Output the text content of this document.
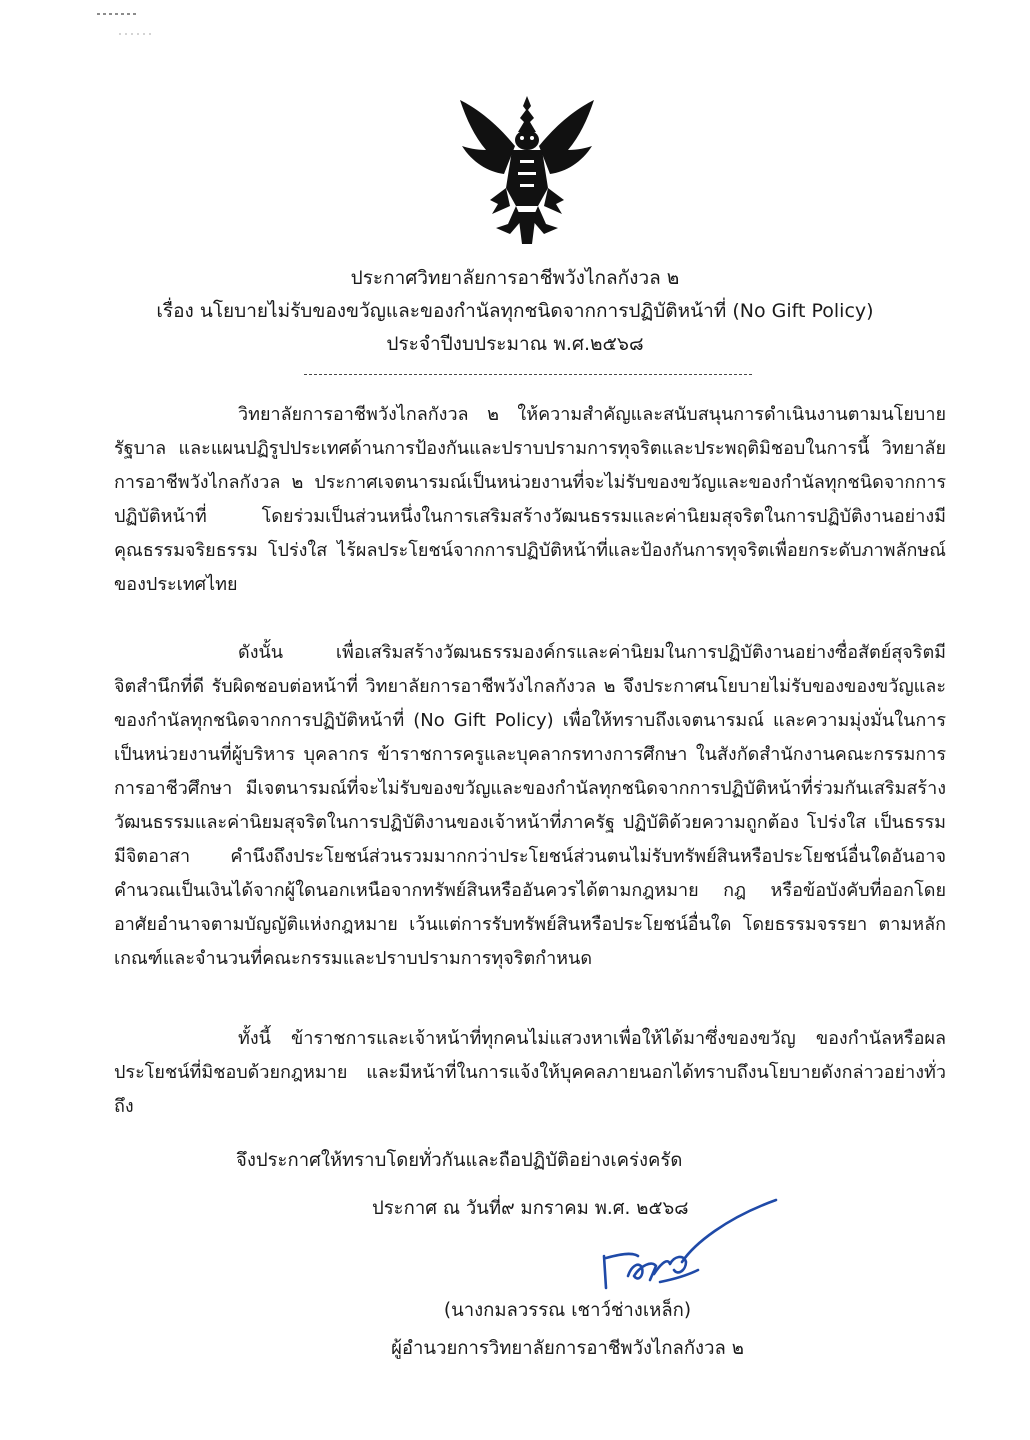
ประกาศวิทยาลัยการอาชีพวังไกลกังวล ๒
เรื่อง นโยบายไม่รับของขวัญและของกำนัลทุกชนิดจากการปฏิบัติหน้าที่ (No Gift Policy)
ประจำปีงบประมาณ พ.ศ.๒๕๖๘

วิทยาลัยการอาชีพวังไกลกังวล ๒ ให้ความสำคัญและสนับสนุนการดำเนินงานตามนโยบายรัฐบาล และแผนปฏิรูปประเทศด้านการป้องกันและปราบปรามการทุจริตและประพฤติมิชอบในการนี้ วิทยาลัยการอาชีพวังไกลกังวล ๒ ประกาศเจตนารมณ์เป็นหน่วยงานที่จะไม่รับของขวัญและของกำนัลทุกชนิดจากการปฏิบัติหน้าที่ โดยร่วมเป็นส่วนหนึ่งในการเสริมสร้างวัฒนธรรมและค่านิยมสุจริตในการปฏิบัติงานอย่างมีคุณธรรมจริยธรรม โปร่งใส ไร้ผลประโยชน์จากการปฏิบัติหน้าที่และป้องกันการทุจริตเพื่อยกระดับภาพลักษณ์ของประเทศไทย

ดังนั้น เพื่อเสริมสร้างวัฒนธรรมองค์กรและค่านิยมในการปฏิบัติงานอย่างซื่อสัตย์สุจริตมีจิตสำนึกที่ดี รับผิดชอบต่อหน้าที่ วิทยาลัยการอาชีพวังไกลกังวล ๒ จึงประกาศนโยบายไม่รับของของขวัญและของกำนัลทุกชนิดจากการปฏิบัติหน้าที่ (No Gift Policy) เพื่อให้ทราบถึงเจตนารมณ์ และความมุ่งมั่นในการเป็นหน่วยงานที่ผู้บริหาร บุคลากร ข้าราชการครูและบุคลากรทางการศึกษา ในสังกัดสำนักงานคณะกรรมการการอาชีวศึกษา มีเจตนารมณ์ที่จะไม่รับของขวัญและของกำนัลทุกชนิดจากการปฏิบัติหน้าที่ร่วมกันเสริมสร้างวัฒนธรรมและค่านิยมสุจริตในการปฏิบัติงานของเจ้าหน้าที่ภาครัฐ ปฏิบัติด้วยความถูกต้อง โปร่งใส เป็นธรรม มีจิตอาสา คำนึงถึงประโยชน์ส่วนรวมมากกว่าประโยชน์ส่วนตนไม่รับทรัพย์สินหรือประโยชน์อื่นใดอันอาจคำนวณเป็นเงินได้จากผู้ใดนอกเหนือจากทรัพย์สินหรืออันควรได้ตามกฎหมาย กฎ หรือข้อบังคับที่ออกโดยอาศัยอำนาจตามบัญญัติแห่งกฎหมาย เว้นแต่การรับทรัพย์สินหรือประโยชน์อื่นใด โดยธรรมจรรยา ตามหลักเกณฑ์และจำนวนที่คณะกรรมและปราบปรามการทุจริตกำหนด

ทั้งนี้ ข้าราชการและเจ้าหน้าที่ทุกคนไม่แสวงหาเพื่อให้ได้มาซึ่งของขวัญ ของกำนัลหรือผลประโยชน์ที่มิชอบด้วยกฎหมาย และมีหน้าที่ในการแจ้งให้บุคคลภายนอกได้ทราบถึงนโยบายดังกล่าวอย่างทั่วถึง

จึงประกาศให้ทราบโดยทั่วกันและถือปฏิบัติอย่างเคร่งครัด
ประกาศ ณ วันที่๙ มกราคม พ.ศ. ๒๕๖๘
(นางกมลวรรณ เชาว์ช่างเหล็ก)
ผู้อำนวยการวิทยาลัยการอาชีพวังไกลกังวล ๒
